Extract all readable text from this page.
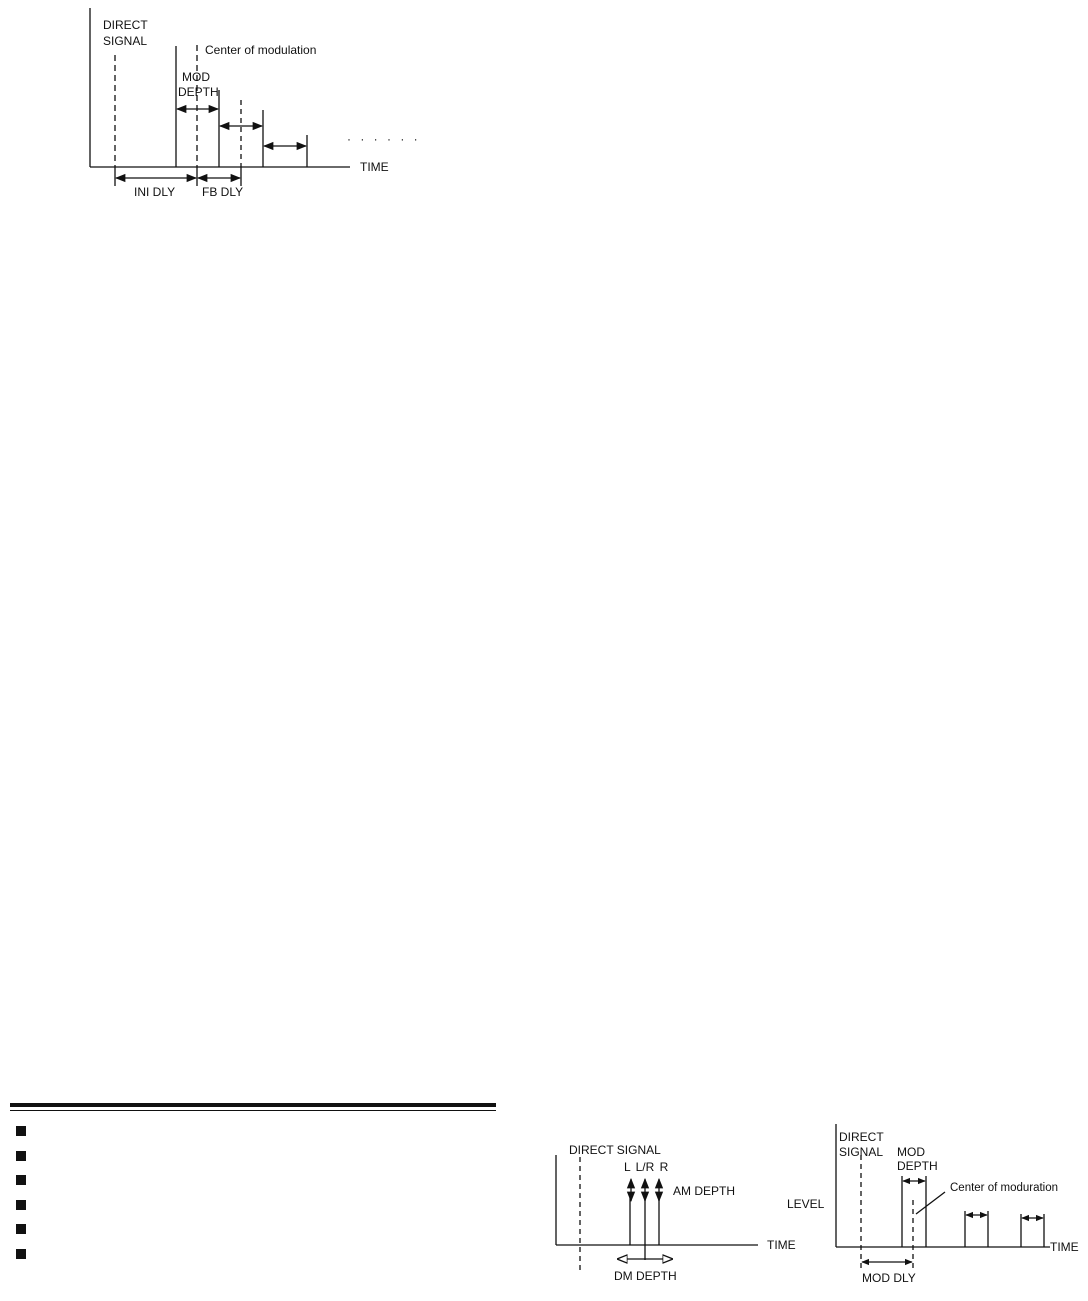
DIRECT
SIGNAL
Center of modulation
MOD
DEPTH
· · · · · ·
TIME
INI DLY FB DLY
DIRECT SIGNAL
L L/R R
AM DEPTH
TIME
DM DEPTH
DIRECT
SIGNAL MOD
DEPTH
Center of moduration
LEVEL
TIME
MOD DLY
